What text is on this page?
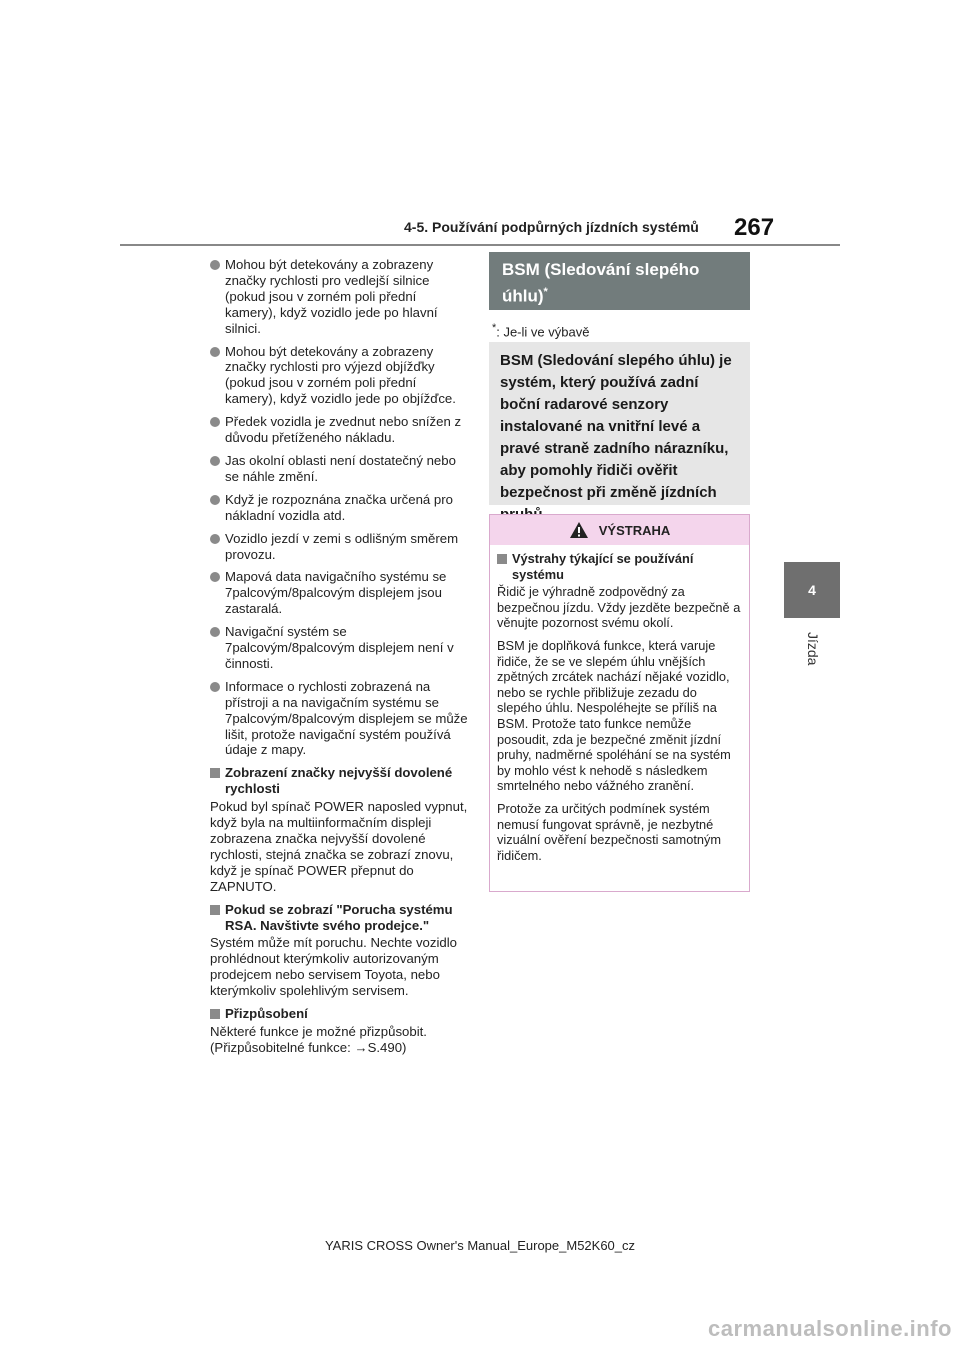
4-5. Používání podpůrných jízdních systémů 267
4
Jízda
Mohou být detekovány a zobrazeny značky rychlosti pro vedlejší silnice (pokud jsou v zorném poli přední kamery), když vozidlo jede po hlavní silnici.
Mohou být detekovány a zobrazeny značky rychlosti pro výjezd objížďky (pokud jsou v zorném poli přední kamery), když vozidlo jede po objížďce.
Předek vozidla je zvednut nebo snížen z důvodu přetíženého nákladu.
Jas okolní oblasti není dostatečný nebo se náhle změní.
Když je rozpoznána značka určená pro nákladní vozidla atd.
Vozidlo jezdí v zemi s odlišným směrem provozu.
Mapová data navigačního systému se 7palcovým/8palcovým displejem jsou zastaralá.
Navigační systém se 7palcovým/8palcovým displejem není v činnosti.
Informace o rychlosti zobrazená na přístroji a na navigačním systému se 7palcovým/8palcovým displejem se může lišit, protože navigační systém používá údaje z mapy.
Zobrazení značky nejvyšší dovolené rychlosti
Pokud byl spínač POWER naposled vypnut, když byla na multiinformačním displeji zobrazena značka nejvyšší dovolené rychlosti, stejná značka se zobrazí znovu, když je spínač POWER přepnut do ZAPNUTO.
Pokud se zobrazí "Porucha systému RSA. Navštivte svého prodejce."
Systém může mít poruchu. Nechte vozidlo prohlédnout kterýmkoliv autorizovaným prodejcem nebo servisem Toyota, nebo kterýmkoliv spolehlivým servisem.
Přizpůsobení
Některé funkce je možné přizpůsobit. (Přizpůsobitelné funkce: →S.490)
BSM (Sledování slepého úhlu)*
*: Je-li ve výbavě
BSM (Sledování slepého úhlu) je systém, který používá zadní boční radarové senzory instalované na vnitřní levé a pravé straně zadního nárazníku, aby pomohly řidiči ověřit bezpečnost při změně jízdních
VÝSTRAHA
Výstrahy týkající se používání systému
Řidič je výhradně zodpovědný za bezpečnou jízdu. Vždy jezděte bezpečně a věnujte pozornost svému okolí.
BSM je doplňková funkce, která varuje řidiče, že se ve slepém úhlu vnějších zpětných zrcátek nachází nějaké vozidlo, nebo se rychle přibližuje zezadu do slepého úhlu. Nespoléhejte se příliš na BSM. Protože tato funkce nemůže posoudit, zda je bezpečné změnit jízdní pruhy, nadměrné spoléhání se na systém by mohlo vést k nehodě s následkem smrtelného nebo vážného zranění.
Protože za určitých podmínek systém nemusí fungovat správně, je nezbytné vizuální ověření bezpečnosti samotným řidičem.
YARIS CROSS Owner's Manual_Europe_M52K60_cz
carmanualsonline.info
